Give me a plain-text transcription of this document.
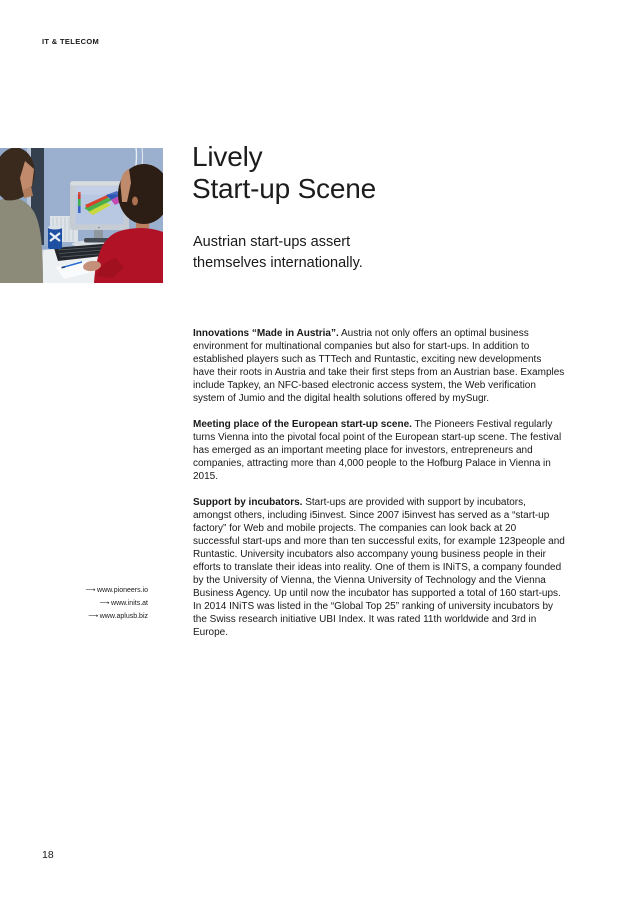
IT & TELECOM
Lively
Start-up Scene

Austrian start-ups assert
themselves internationally.

Innovations “Made in Austria”. Austria not only offers an optimal business environment for multinational companies but also for start-ups. In addition to established players such as TTTech and Runtastic, exciting new developments have their roots in Austria and take their first steps from an Austrian base. Examples include Tapkey, an NFC-based electronic access system, the Web verification system of Jumio and the digital health solutions offered by mySugr.

Meeting place of the European start-up scene. The Pioneers Festival regularly turns Vienna into the pivotal focal point of the European start-up scene. The festival has emerged as an important meeting place for investors, entrepreneurs and companies, attracting more than 4,000 people to the Hofburg Palace in Vienna in 2015.

Support by incubators. Start-ups are provided with support by incubators, amongst others, including i5invest. Since 2007 i5invest has served as a “start-up factory” for Web and mobile projects. The companies can look back at 20 successful start-ups and more than ten successful exits, for example 123people and Runtastic. University incubators also accompany young business people in their efforts to translate their ideas into reality. One of them is INiTS, a company founded by the University of Vienna, the Vienna University of Technology and the Vienna Business Agency. Up until now the incubator has supported a total of 160 start-ups. In 2014 INiTS was listed in the “Global Top 25” ranking of university incubators by the Swiss research initiative UBI Index. It was rated 11th worldwide and 3rd in Europe.

⟶ www.pioneers.io
⟶ www.inits.at
⟶ www.aplusb.biz
18
